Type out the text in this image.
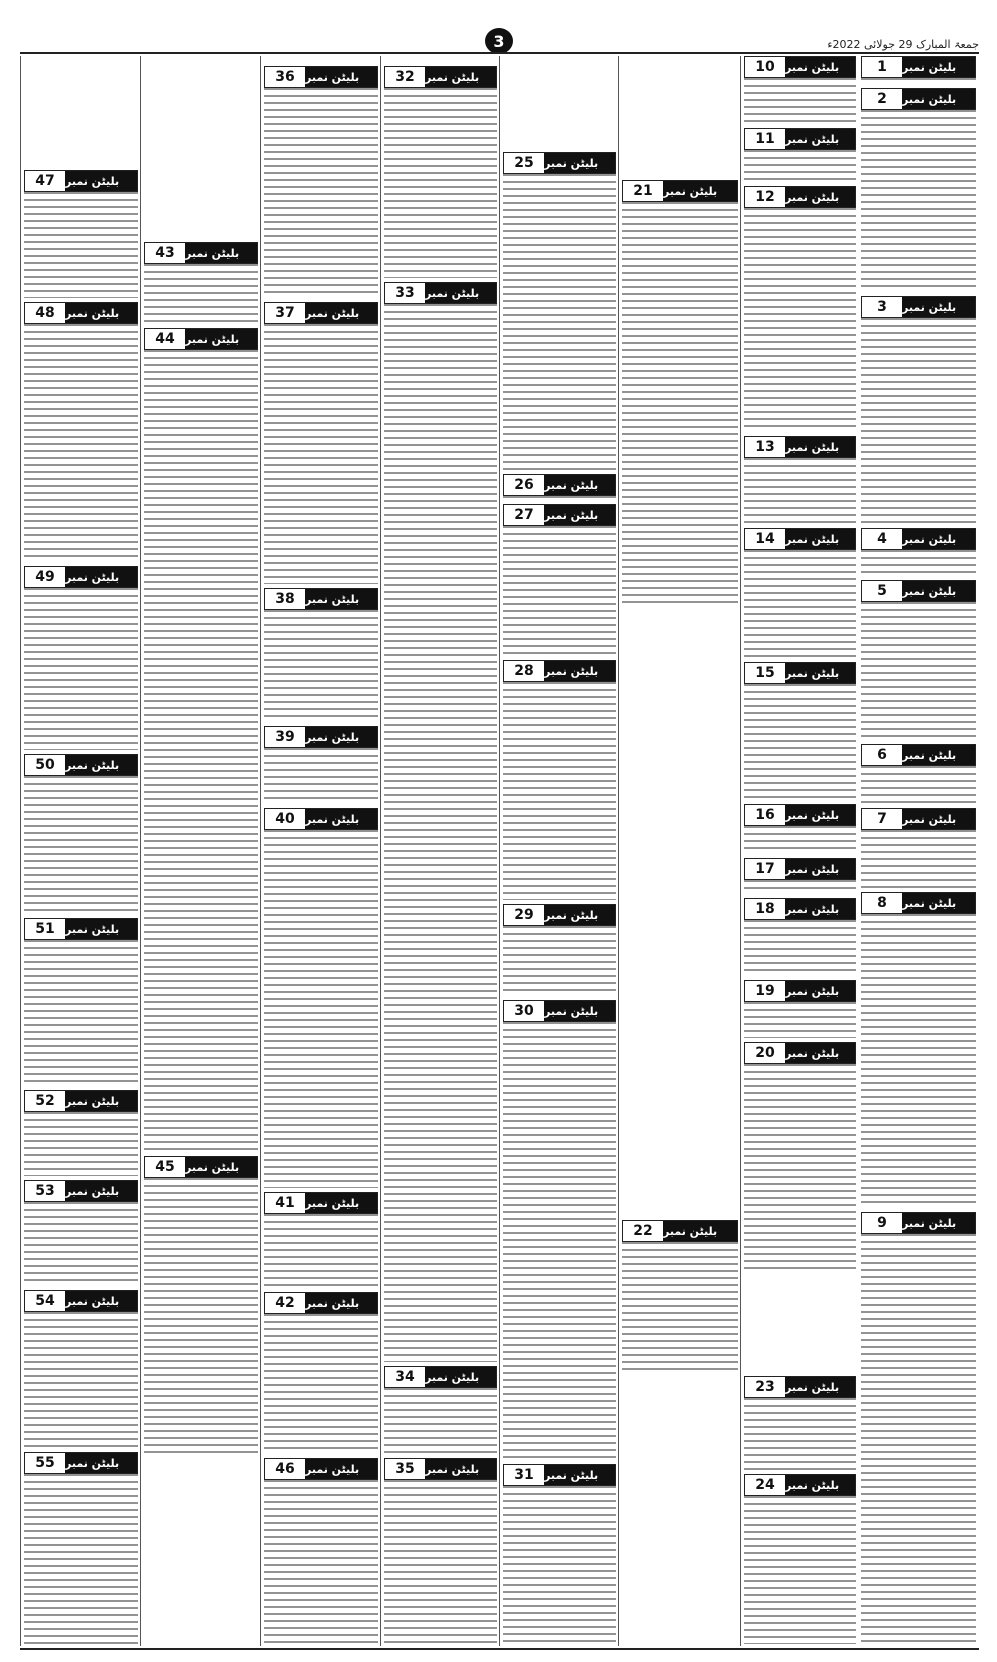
3	جمعۃ المبارک 29 جولائی 2022ء
1	بلیٹن نمبر
2	بلیٹن نمبر
3	بلیٹن نمبر
4	بلیٹن نمبر
5	بلیٹن نمبر
6	بلیٹن نمبر
7	بلیٹن نمبر
8	بلیٹن نمبر
9	بلیٹن نمبر
10 بلیٹن نمبر
11 بلیٹن نمبر
12 بلیٹن نمبر
13 بلیٹن نمبر
14 بلیٹن نمبر
15 بلیٹن نمبر
16 بلیٹن نمبر
17 بلیٹن نمبر
18 بلیٹن نمبر
19 بلیٹن نمبر
20 بلیٹن نمبر
23 بلیٹن نمبر
24 بلیٹن نمبر
21 بلیٹن نمبر
22 بلیٹن نمبر
25 بلیٹن نمبر
26 بلیٹن نمبر
27 بلیٹن نمبر
28 بلیٹن نمبر
29 بلیٹن نمبر
30 بلیٹن نمبر
31 بلیٹن نمبر
32 بلیٹن نمبر
33 بلیٹن نمبر
34 بلیٹن نمبر
35 بلیٹن نمبر
36 بلیٹن نمبر
37 بلیٹن نمبر
38 بلیٹن نمبر
39 بلیٹن نمبر
40 بلیٹن نمبر
41 بلیٹن نمبر
42 بلیٹن نمبر
46 بلیٹن نمبر
43 بلیٹن نمبر
44 بلیٹن نمبر
45 بلیٹن نمبر
47 بلیٹن نمبر
48 بلیٹن نمبر
49 بلیٹن نمبر
50 بلیٹن نمبر
51 بلیٹن نمبر
52 بلیٹن نمبر
53 بلیٹن نمبر
54 بلیٹن نمبر
55 بلیٹن نمبر
